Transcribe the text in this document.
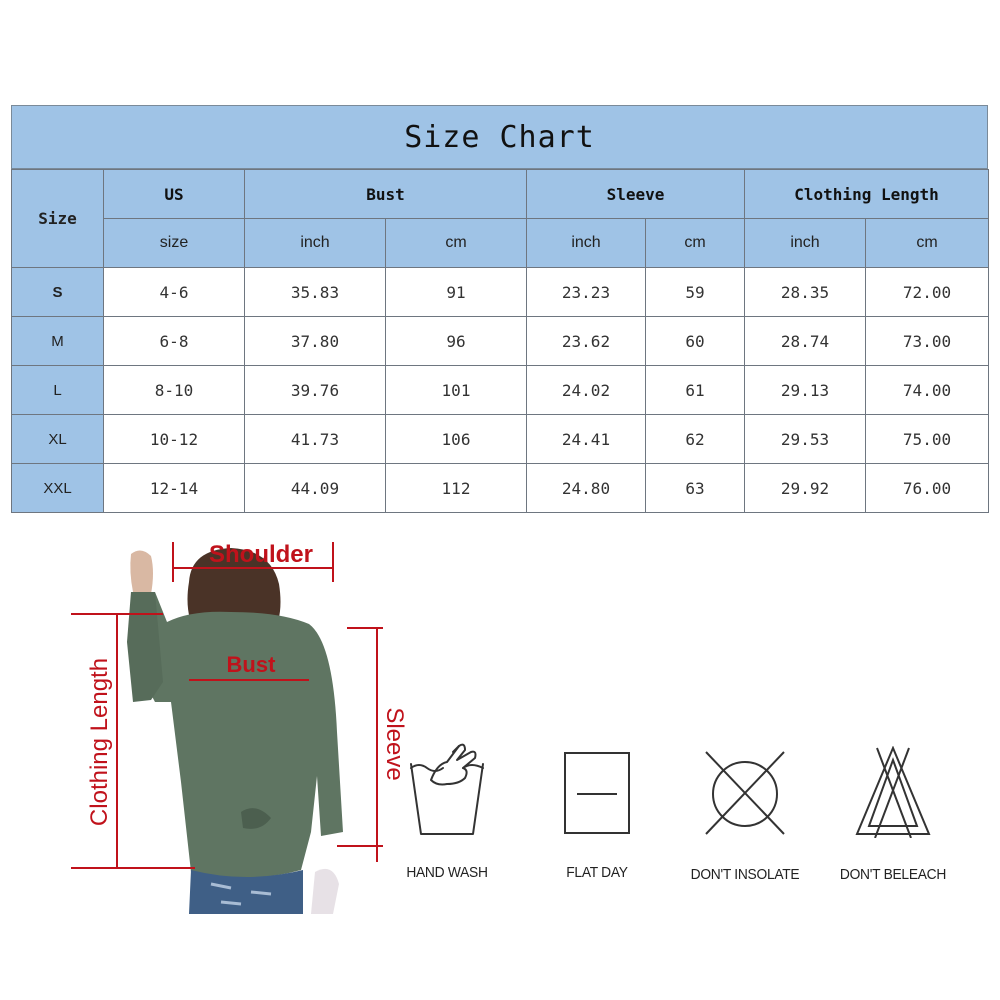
Size Chart
Size	US	Bust		Sleeve		Clothing Length	
	size	inch	cm	inch	cm	inch	cm
S	4-6	35.83	91	23.23	59	28.35	72.00
M	6-8	37.80	96	23.62	60	28.74	73.00
L	8-10	39.76	101	24.02	61	29.13	74.00
XL	10-12	41.73	106	24.41	62	29.53	75.00
XXL	12-14	44.09	112	24.80	63	29.92	76.00
Shoulder
Bust
Clothing Length	Sleeve
HAND WASH	FLAT DAY	DON'T INSOLATE	DON'T BELEACH
